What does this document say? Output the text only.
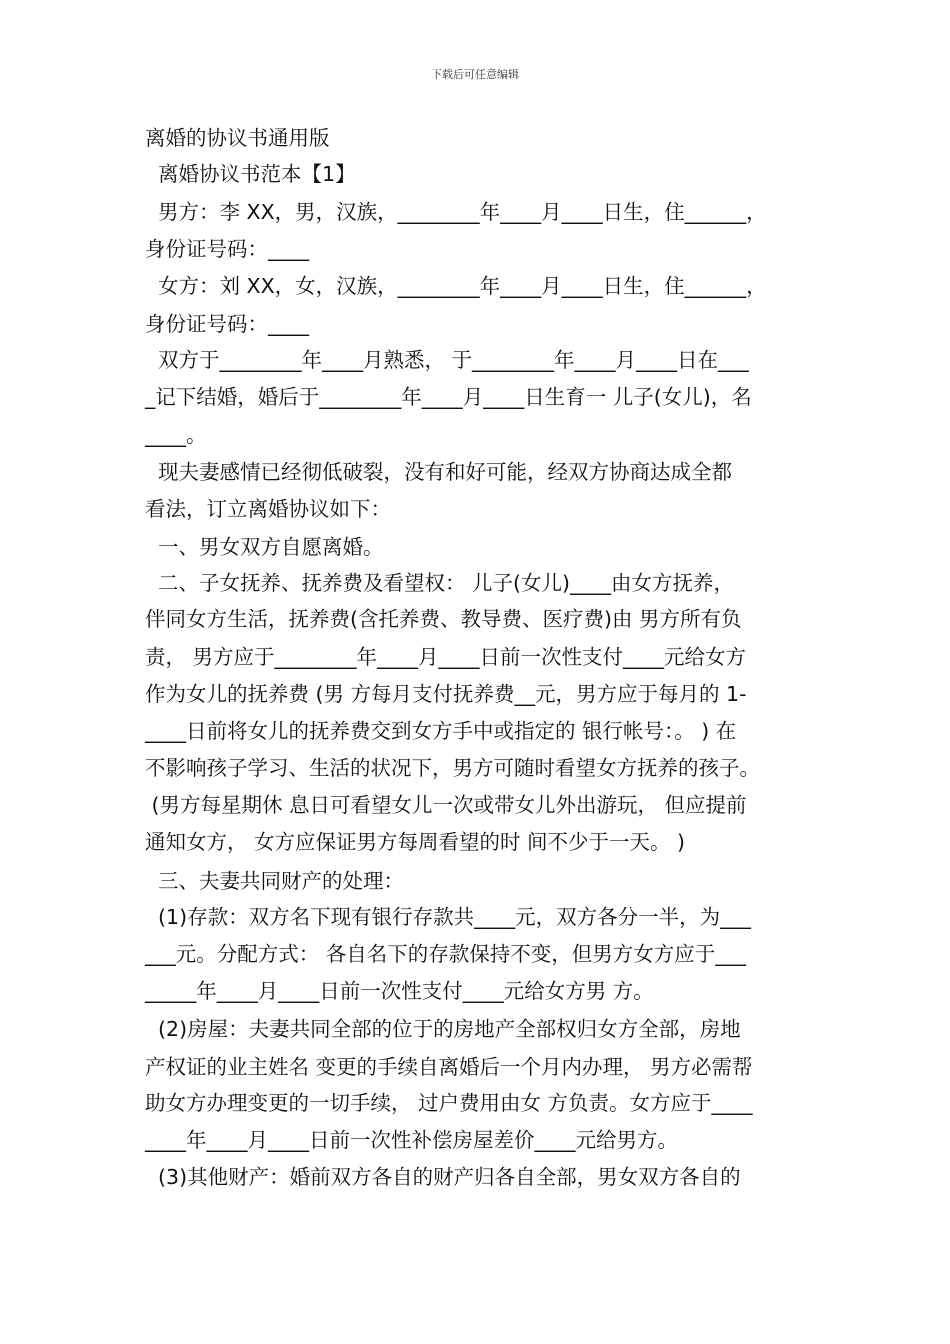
下载后可任意编辑
离婚的协议书通用版
离婚协议书范本【1】
男方：李 XX，男，汉族，________年____月____日生，住______，
身份证号码：____
女方：刘 XX，女，汉族，________年____月____日生，住______，
身份证号码：____
双方于________年____月熟悉， 于________年____月____日在___
_记下结婚，婚后于________年____月____日生育一 儿子(女儿)，名
____。
现夫妻感情已经彻低破裂，没有和好可能，经双方协商达成全都
看法，订立离婚协议如下：
一、男女双方自愿离婚。
二、子女抚养、抚养费及看望权： 儿子(女儿)____由女方抚养，
伴同女方生活，抚养费(含托养费、教导费、医疗费)由 男方所有负
责， 男方应于________年____月____日前一次性支付____元给女方
作为女儿的抚养费 (男 方每月支付抚养费__元，男方应于每月的 1-
____日前将女儿的抚养费交到女方手中或指定的 银行帐号：。 ) 在
不影响孩子学习、生活的状况下，男方可随时看望女方抚养的孩子。
(男方每星期休 息日可看望女儿一次或带女儿外出游玩， 但应提前
通知女方， 女方应保证男方每周看望的时 间不少于一天。 )
三、夫妻共同财产的处理：
(1)存款：双方名下现有银行存款共____元，双方各分一半，为___
___元。分配方式： 各自名下的存款保持不变，但男方女方应于___
_____年____月____日前一次性支付____元给女方男 方。
(2)房屋：夫妻共同全部的位于的房地产全部权归女方全部，房地
产权证的业主姓名 变更的手续自离婚后一个月内办理， 男方必需帮
助女方办理变更的一切手续， 过户费用由女 方负责。女方应于____
____年____月____日前一次性补偿房屋差价____元给男方。
(3)其他财产：婚前双方各自的财产归各自全部，男女双方各自的
